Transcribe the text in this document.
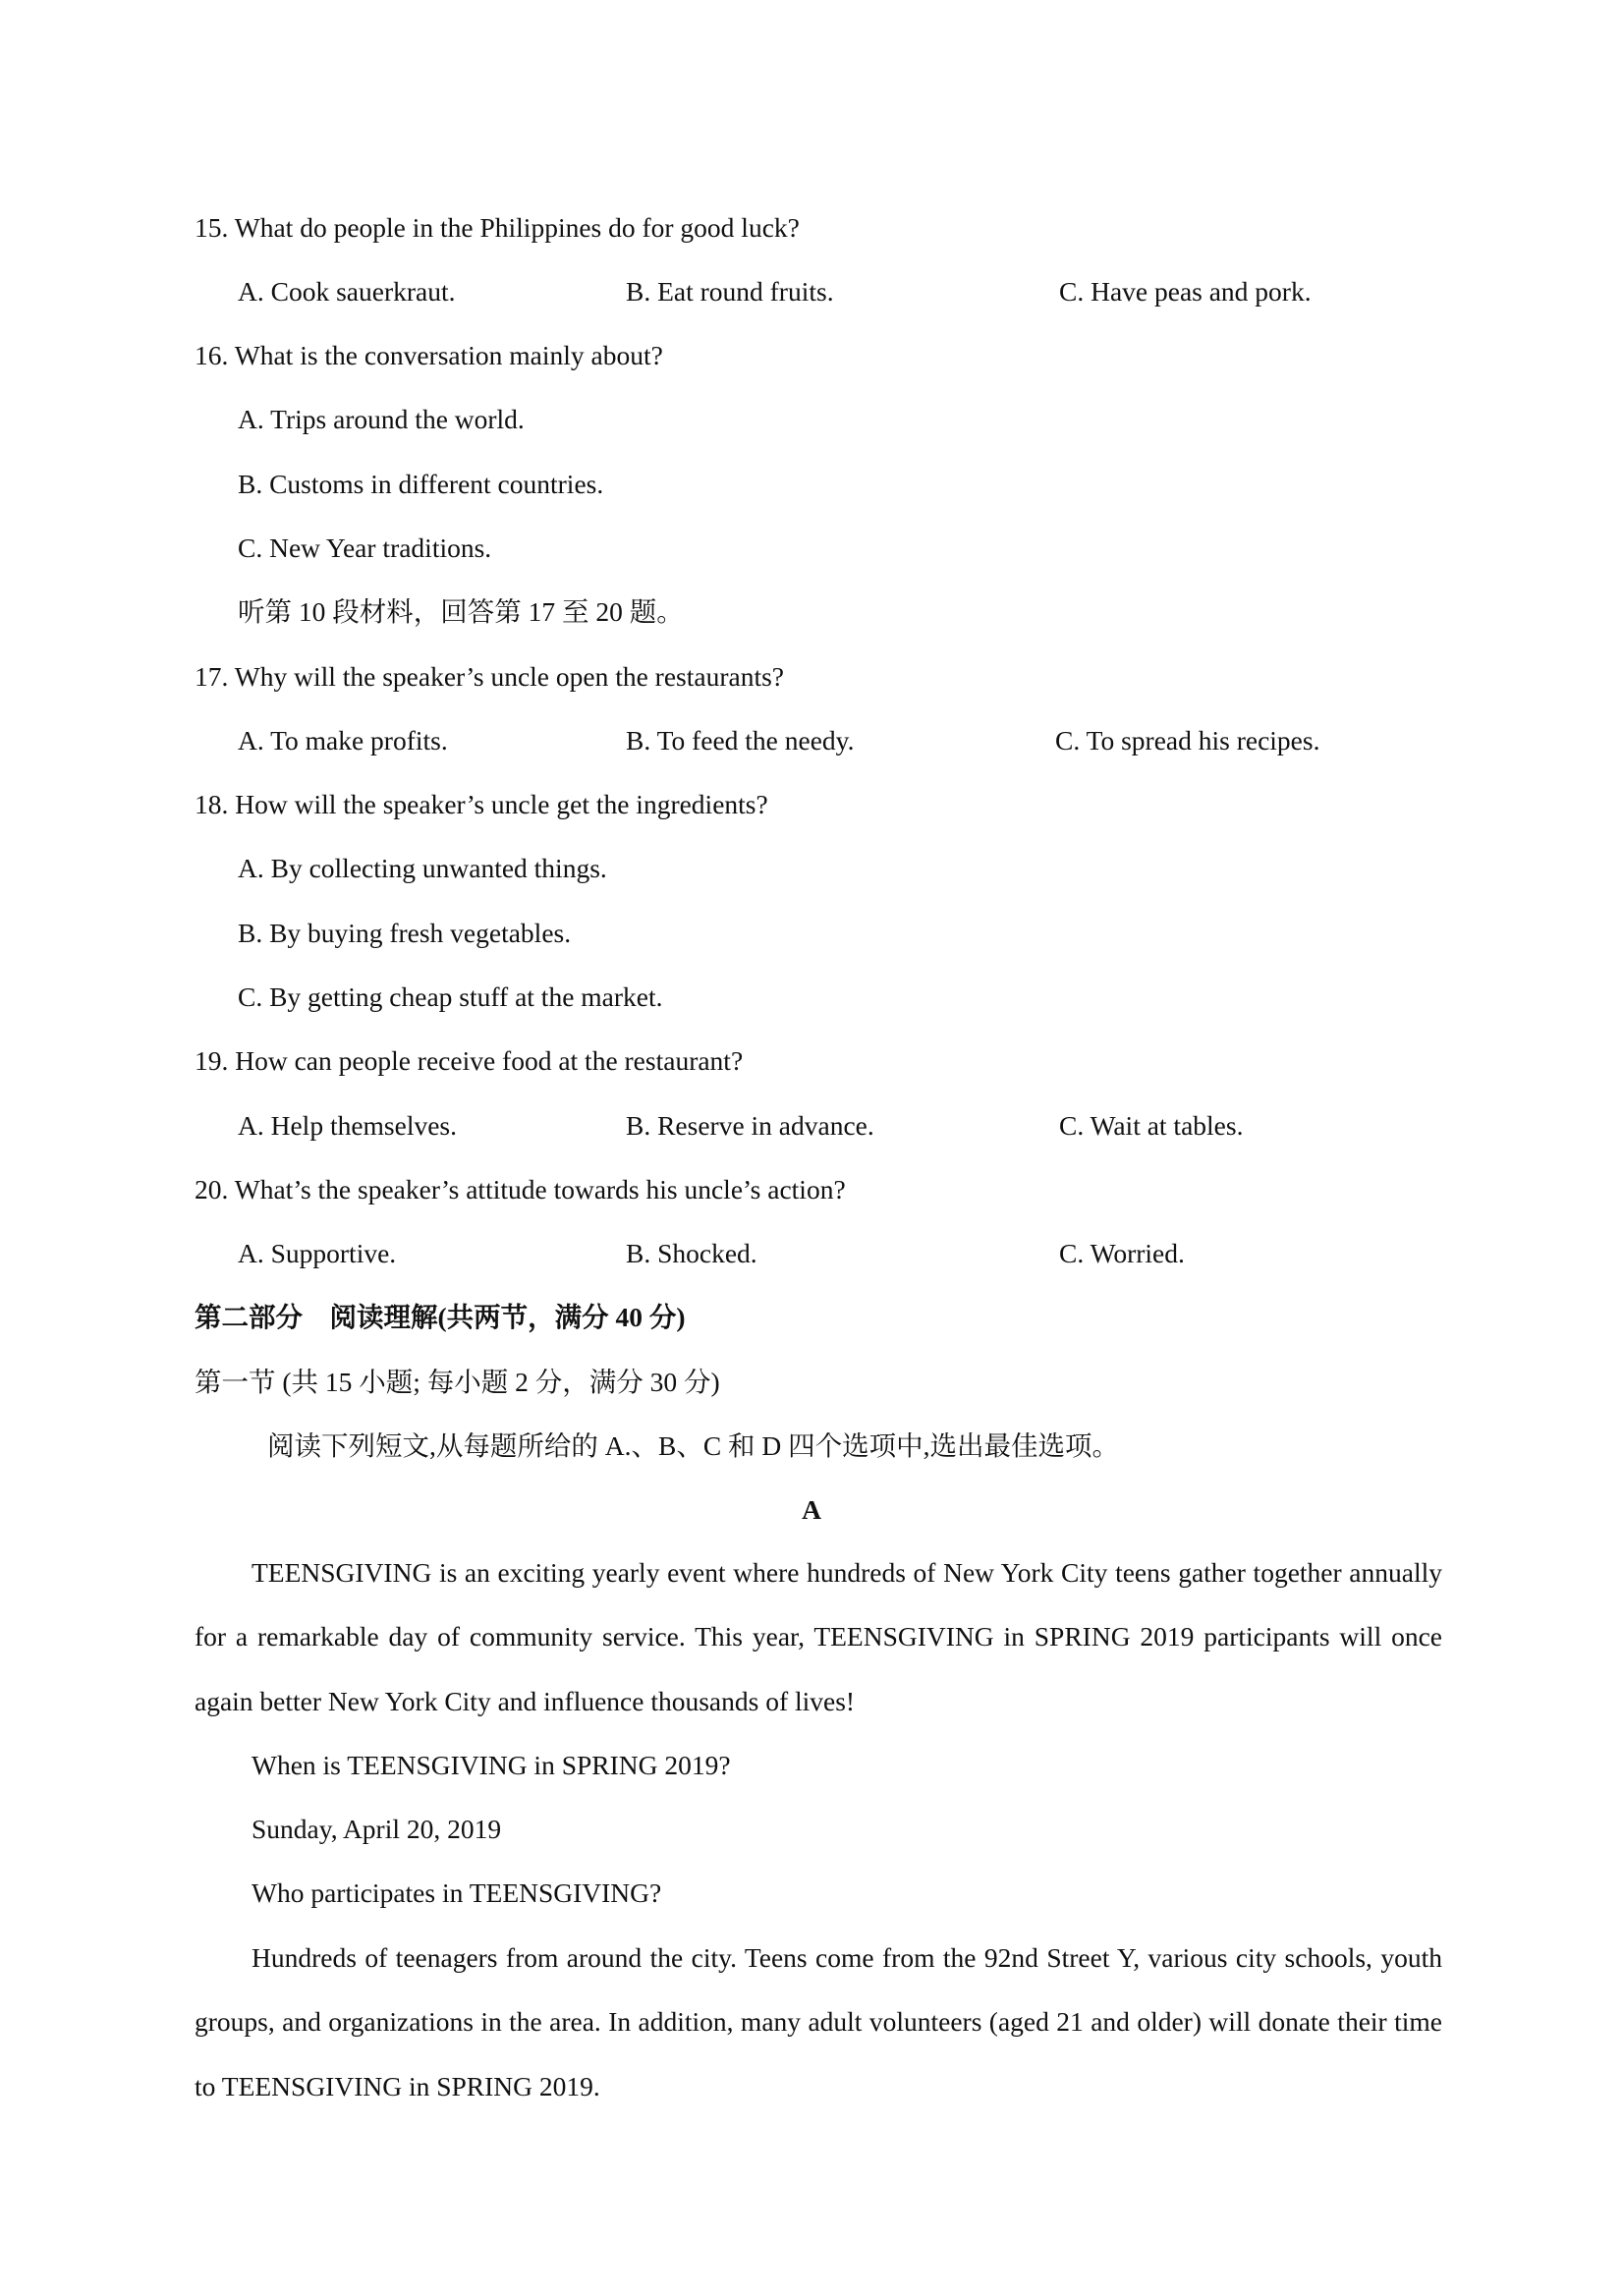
15. What do people in the Philippines do for good luck?

A. Cook sauerkraut.	B. Eat round fruits.	C. Have peas and pork.

16. What is the conversation mainly about?

A. Trips around the world.
B. Customs in different countries.
C. New Year traditions.
听第 10 段材料，回答第 17 至 20 题。

17. Why will the speaker’s uncle open the restaurants?

A. To make profits.	B. To feed the needy.	C. To spread his recipes.

18. How will the speaker’s uncle get the ingredients?

A. By collecting unwanted things.
B. By buying fresh vegetables.
C. By getting cheap stuff at the market.

19. How can people receive food at the restaurant?

A. Help themselves.	B. Reserve in advance.	C. Wait at tables.

20. What’s the speaker’s attitude towards his uncle’s action?

A. Supportive.	B. Shocked.	C. Worried.
第二部分　阅读理解(共两节，满分 40 分)
第一节 (共 15 小题; 每小题 2 分，满分 30 分)
阅读下列短文,从每题所给的 A.、B、C 和 D 四个选项中,选出最佳选项。
A

TEENSGIVING is an exciting yearly event where hundreds of New York City teens gather together annually for a remarkable day of community service. This year, TEENSGIVING in SPRING 2019 participants will once again better New York City and influence thousands of lives!

When is TEENSGIVING in SPRING 2019?

Sunday, April 20, 2019

Who participates in TEENSGIVING?

Hundreds of teenagers from around the city. Teens come from the 92nd Street Y, various city schools, youth groups, and organizations in the area. In addition, many adult volunteers (aged 21 and older) will donate their time to TEENSGIVING in SPRING 2019.
